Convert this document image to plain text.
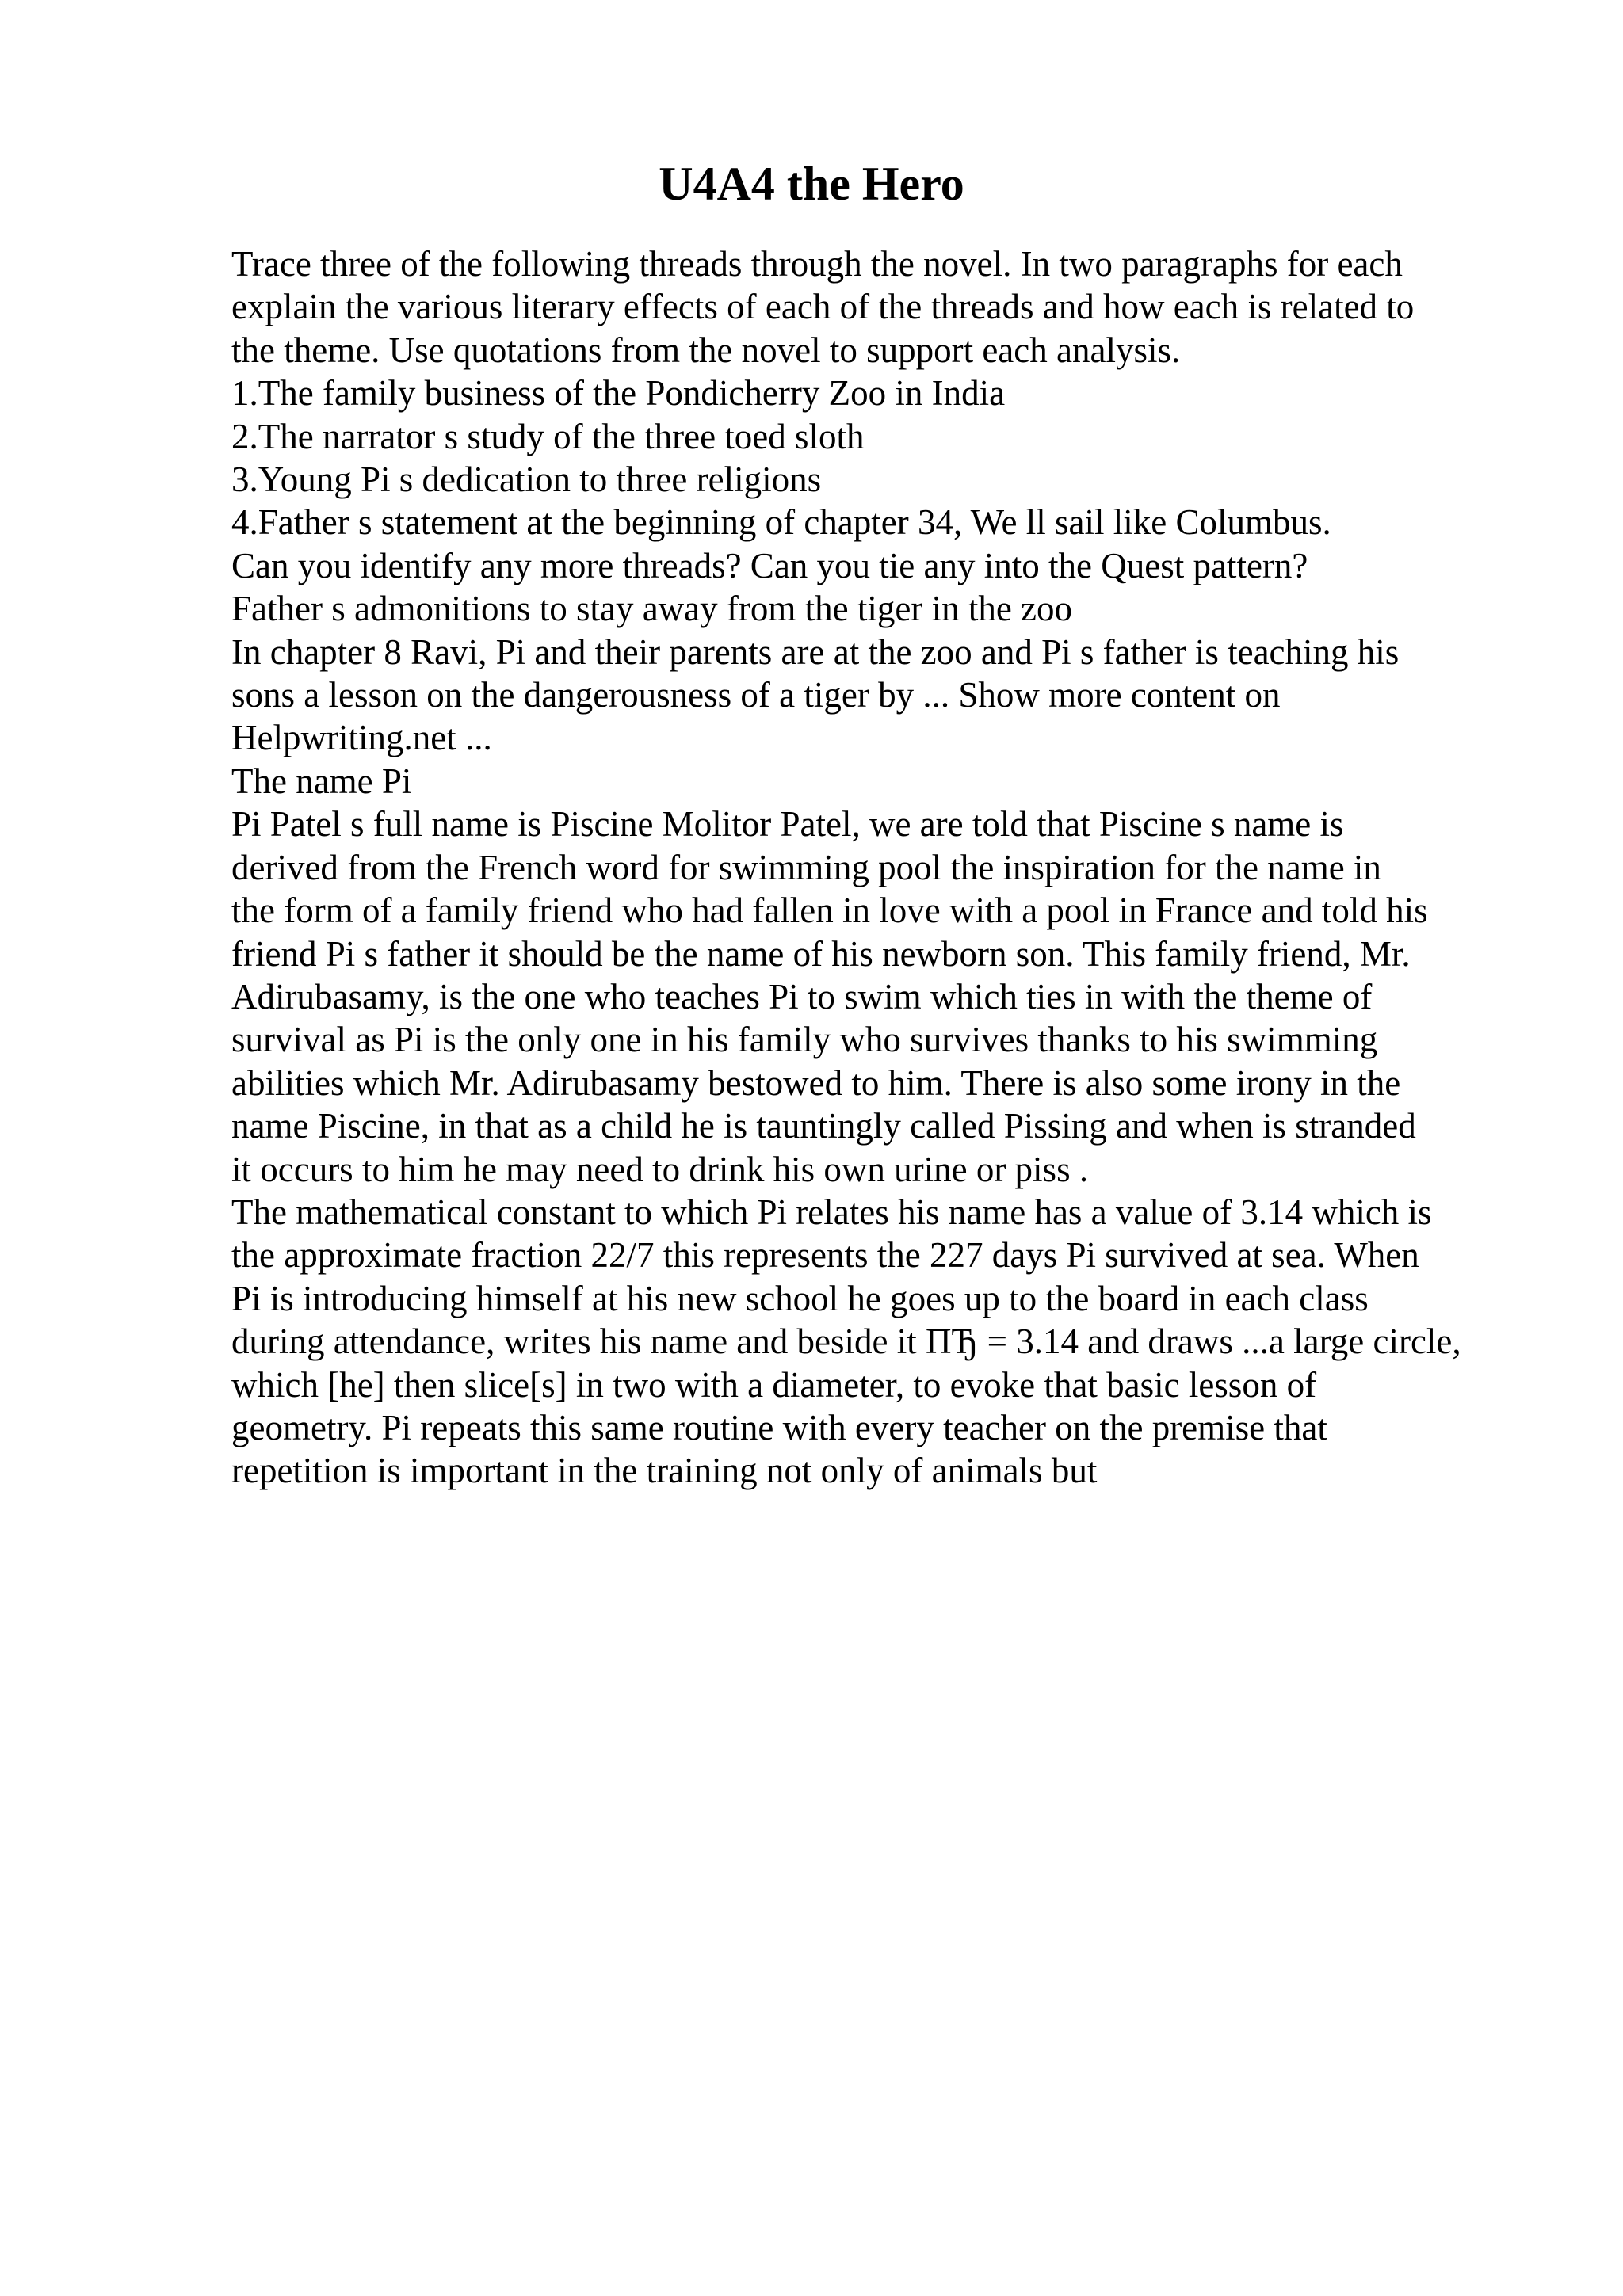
U4A4 the Hero
Trace three of the following threads through the novel. In two paragraphs for each
explain the various literary effects of each of the threads and how each is related to
the theme. Use quotations from the novel to support each analysis.
1.The family business of the Pondicherry Zoo in India
2.The narrator s study of the three toed sloth
3.Young Pi s dedication to three religions
4.Father s statement at the beginning of chapter 34, We ll sail like Columbus.
Can you identify any more threads? Can you tie any into the Quest pattern?
Father s admonitions to stay away from the tiger in the zoo
In chapter 8 Ravi, Pi and their parents are at the zoo and Pi s father is teaching his
sons a lesson on the dangerousness of a tiger by ... Show more content on
Helpwriting.net ...
The name Pi
Pi Patel s full name is Piscine Molitor Patel, we are told that Piscine s name is
derived from the French word for swimming pool the inspiration for the name in
the form of a family friend who had fallen in love with a pool in France and told his
friend Pi s father it should be the name of his newborn son. This family friend, Mr.
Adirubasamy, is the one who teaches Pi to swim which ties in with the theme of
survival as Pi is the only one in his family who survives thanks to his swimming
abilities which Mr. Adirubasamy bestowed to him. There is also some irony in the
name Piscine, in that as a child he is tauntingly called Pissing and when is stranded
it occurs to him he may need to drink his own urine or piss .
The mathematical constant to which Pi relates his name has a value of 3.14 which is
the approximate fraction 22/7 this represents the 227 days Pi survived at sea. When
Pi is introducing himself at his new school he goes up to the board in each class
during attendance, writes his name and beside it ПЂ = 3.14 and draws ...a large circle,
which [he] then slice[s] in two with a diameter, to evoke that basic lesson of
geometry. Pi repeats this same routine with every teacher on the premise that
repetition is important in the training not only of animals but
